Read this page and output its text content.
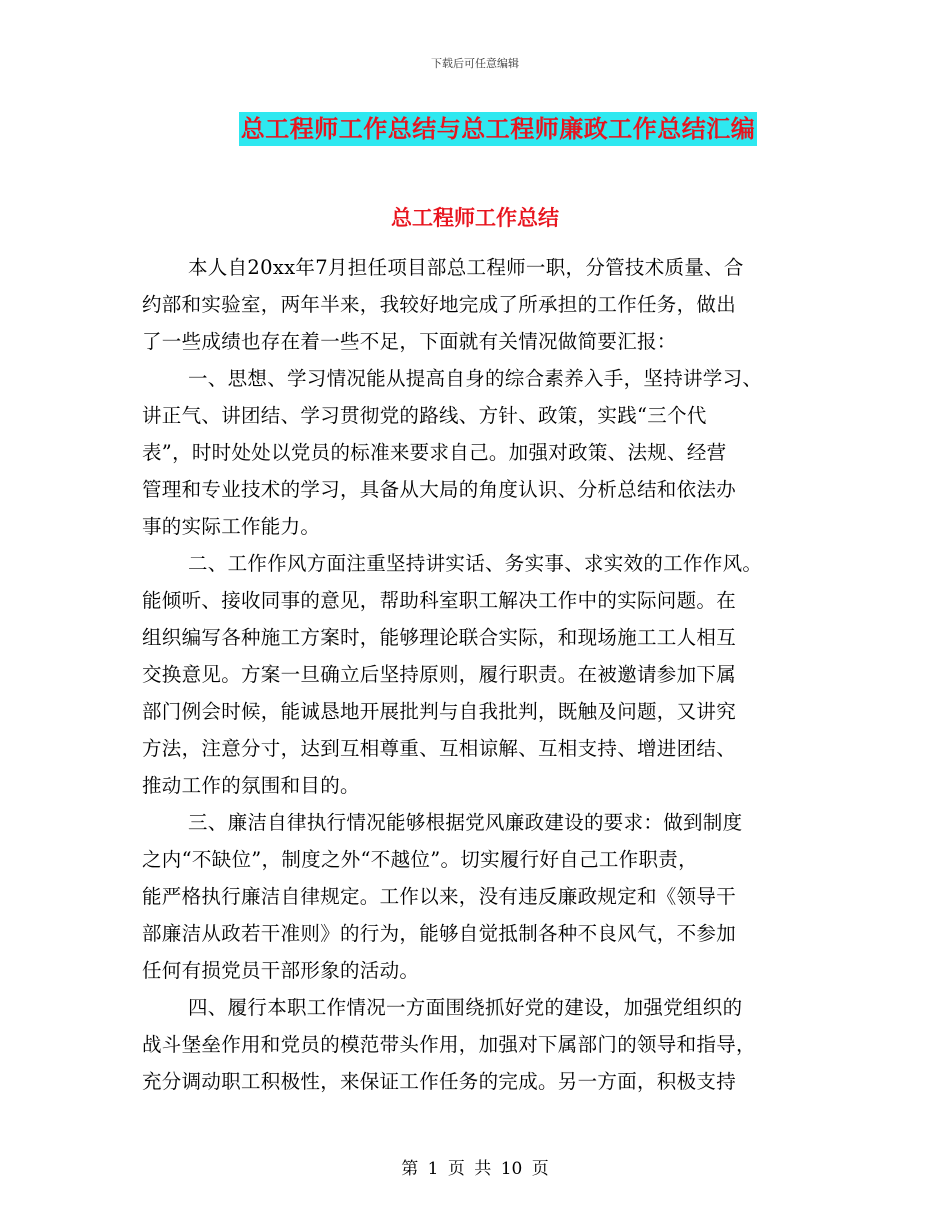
下载后可任意编辑
总工程师工作总结与总工程师廉政工作总结汇编
总工程师工作总结
本人自20xx年7月担任项目部总工程师一职，分管技术质量、合
约部和实验室，两年半来，我较好地完成了所承担的工作任务，做出
了一些成绩也存在着一些不足，下面就有关情况做简要汇报：
一、思想、学习情况能从提高自身的综合素养入手，坚持讲学习、
讲正气、讲团结、学习贯彻党的路线、方针、政策，实践“三个代
表”，时时处处以党员的标准来要求自己。加强对政策、法规、经营
管理和专业技术的学习，具备从大局的角度认识、分析总结和依法办
事的实际工作能力。
二、工作作风方面注重坚持讲实话、务实事、求实效的工作作风。
能倾听、接收同事的意见，帮助科室职工解决工作中的实际问题。在
组织编写各种施工方案时，能够理论联合实际，和现场施工工人相互
交换意见。方案一旦确立后坚持原则，履行职责。在被邀请参加下属
部门例会时候，能诚恳地开展批判与自我批判，既触及问题，又讲究
方法，注意分寸，达到互相尊重、互相谅解、互相支持、增进团结、
推动工作的氛围和目的。
三、廉洁自律执行情况能够根据党风廉政建设的要求：做到制度
之内“不缺位”，制度之外“不越位”。切实履行好自己工作职责，
能严格执行廉洁自律规定。工作以来，没有违反廉政规定和《领导干
部廉洁从政若干准则》的行为，能够自觉抵制各种不良风气，不参加
任何有损党员干部形象的活动。
四、履行本职工作情况一方面围绕抓好党的建设，加强党组织的
战斗堡垒作用和党员的模范带头作用，加强对下属部门的领导和指导，
充分调动职工积极性，来保证工作任务的完成。另一方面，积极支持
第 1 页 共 10 页
